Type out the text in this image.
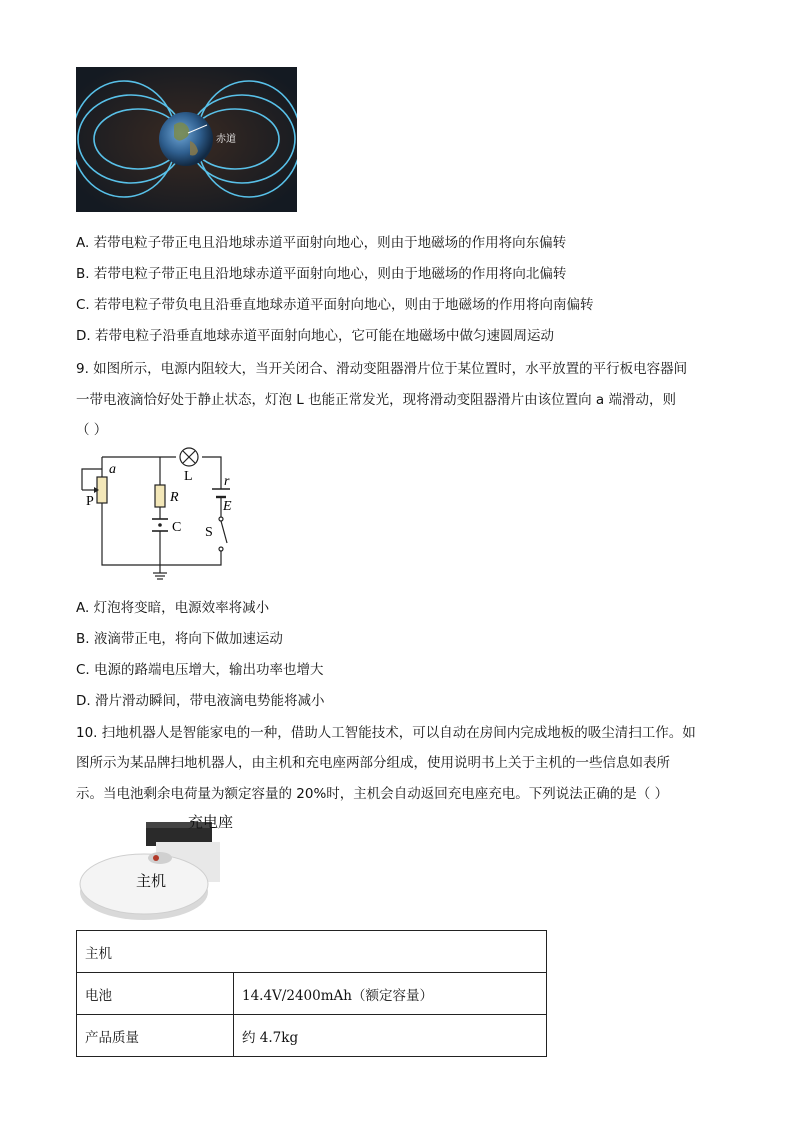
赤道
A. 若带电粒子带正电且沿地球赤道平面射向地心，则由于地磁场的作用将向东偏转
B. 若带电粒子带正电且沿地球赤道平面射向地心，则由于地磁场的作用将向北偏转
C. 若带电粒子带负电且沿垂直地球赤道平面射向地心，则由于地磁场的作用将向南偏转
D. 若带电粒子沿垂直地球赤道平面射向地心，它可能在地磁场中做匀速圆周运动
9. 如图所示，电源内阻较大，当开关闭合、滑动变阻器滑片位于某位置时，水平放置的平行板电容器间
一带电液滴恰好处于静止状态，灯泡 L 也能正常发光，现将滑动变阻器滑片由该位置向 a 端滑动，则
（ ）
a
P
L
R
C
r
E
S
A. 灯泡将变暗，电源效率将减小
B. 液滴带正电，将向下做加速运动
C. 电源的路端电压增大，输出功率也增大
D. 滑片滑动瞬间，带电液滴电势能将减小
10. 扫地机器人是智能家电的一种，借助人工智能技术，可以自动在房间内完成地板的吸尘清扫工作。如
图所示为某品牌扫地机器人，由主机和充电座两部分组成，使用说明书上关于主机的一些信息如表所
示。当电池剩余电荷量为额定容量的 20%时，主机会自动返回充电座充电。下列说法正确的是（ ）
主机
充电座
主机	
电池	14.4V/2400mAh（额定容量）
产品质量	约 4.7kg
